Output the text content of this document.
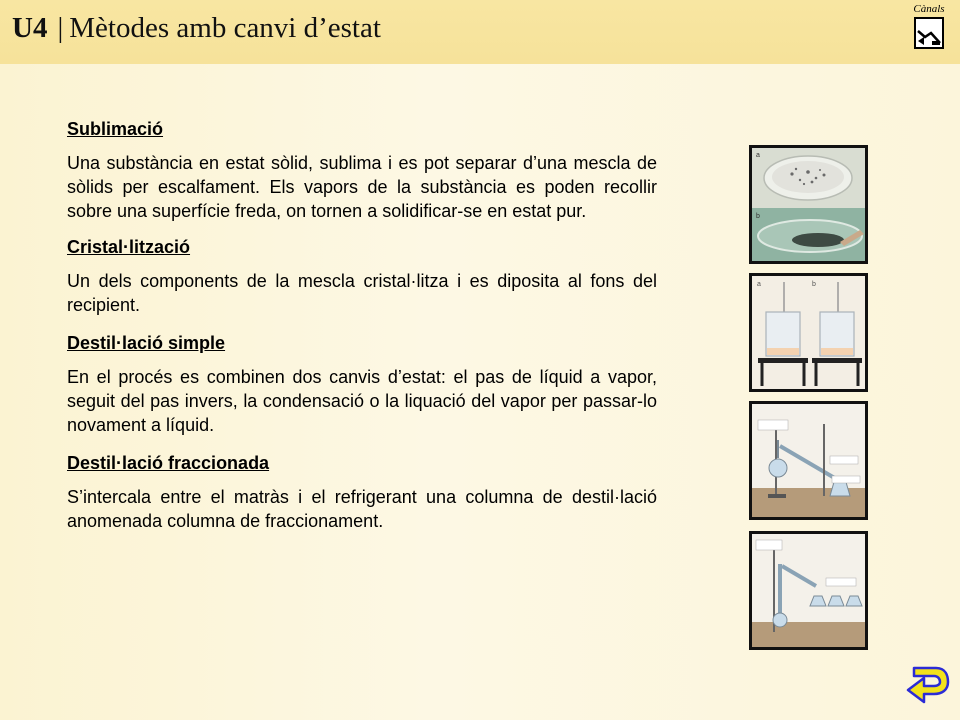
U4 | Mètodes amb canvi d’estat
Cànals

Sublimació

Una substància en estat sòlid, sublima i es pot separar d’una mescla de sòlids per escalfament. Els vapors de la substància es poden recollir sobre una superfície freda, on tornen a solidificar-se en estat pur.

Cristal·lització

Un dels components de la mescla cristal·litza i es diposita al fons del recipient.

Destil·lació simple

En el procés es combinen dos canvis d’estat: el pas de líquid a vapor, seguit del pas invers, la condensació o la liquació del vapor per passar-lo novament a líquid.

Destil·lació fraccionada

S’intercala entre el matràs i el refrigerant una columna de destil·lació anomenada columna de fraccionament.

a
b
a	b
